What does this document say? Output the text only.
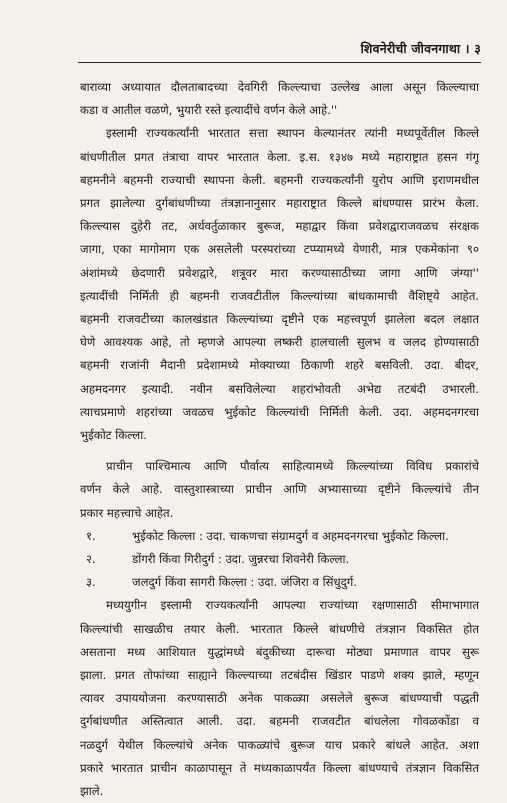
शिवनेरीची जीवनगाथा । ३
बाराव्या अध्यायात दौलताबादच्या देवगिरी किल्ल्याचा उल्लेख आला असून किल्ल्याचा
कडा व आतील वळणे, भुयारी रस्ते इत्यादींचे वर्णन केले आहे.''
इस्लामी राज्यकर्त्यांनी भारतात सत्ता स्थापन केल्यानंतर त्यांनी मध्यपूर्वेतील किल्ले
बांधणीतील प्रगत तंत्राचा वापर भारतात केला. इ.स. १३४७ मध्ये महाराष्ट्रात हसन गंगू
बहमनीने बहमनी राज्याची स्थापना केली. बहमनी राज्यकर्त्यांनी युरोप आणि इराणमधील
प्रगत झालेल्या दुर्गबांधणीच्या तंत्रज्ञानानुसार महाराष्ट्रात किल्ले बांधण्यास प्रारंभ केला.
किल्ल्यास दुहेरी तट, अर्धवर्तुळाकार बुरूज, महाद्वार किंवा प्रवेशद्वाराजवळच संरक्षक
जागा, एका मागोमाग एक असलेली परस्परांच्या टप्प्यामध्ये येणारी, मात्र एकमेकांना ९०
अंशांमध्ये छेदणारी प्रवेशद्वारे, शत्रूवर मारा करण्यासाठीच्या जागा आणि जंग्या''
इत्यादींची निर्मिती ही बहमनी राजवटीतील किल्ल्यांच्या बांधकामाची वैशिष्ट्ये आहेत.
बहमनी राजवटीच्या कालखंडात किल्ल्यांच्या दृष्टीने एक महत्त्वपूर्ण झालेला बदल लक्षात
घेणे आवश्यक आहे, तो म्हणजे आपल्या लष्करी हालचाली सुलभ व जलद होण्यासाठी
बहमनी राजांनी मैदानी प्रदेशामध्ये मोक्याच्या ठिकाणी शहरे बसविली. उदा. बीदर,
अहमदनगर इत्यादी. नवीन बसविलेल्या शहरांभोवती अभेद्य तटबंदी उभारली.
त्याचप्रमाणे शहरांच्या जवळच भुईकोट किल्ल्यांची निर्मिती केली. उदा. अहमदनगरचा
भुईकोट किल्ला.
प्राचीन पाश्चिमात्य आणि पौर्वात्य साहित्यामध्ये किल्ल्यांच्या विविध प्रकारांचे
वर्णन केले आहे. वास्तुशास्त्राच्या प्राचीन आणि अभ्यासाच्या दृष्टीने किल्ल्यांचे तीन
प्रकार महत्त्वाचे आहेत.
१.	भुईकोट किल्ला : उदा. चाकणचा संग्रामदुर्ग व अहमदनगरचा भुईकोट किल्ला.
२.	डोंगरी किंवा गिरीदुर्ग : उदा. जुन्नरचा शिवनेरी किल्ला.
३.	जलदुर्ग किंवा सागरी किल्ला : उदा. जंजिरा व सिंधुदुर्ग.
मध्ययुगीन इस्लामी राज्यकर्त्यांनी आपल्या राज्यांच्या रक्षणासाठी सीमाभागात
किल्ल्यांची साखळीच तयार केली. भारतात किल्ले बांधणीचे तंत्रज्ञान विकसित होत
असताना मध्य आशियात युद्धांमध्ये बंदुकीच्या दारूचा मोठ्या प्रमाणात वापर सुरू
झाला. प्रगत तोफांच्या साह्याने किल्ल्याच्या तटबंदीस खिंडार पाडणे शक्य झाले, म्हणून
त्यावर उपाययोजना करण्यासाठी अनेक पाकळ्या असलेले बुरूज बांधण्याची पद्धती
दुर्गबांधणीत अस्तित्वात आली. उदा. बहमनी राजवटीत बांधलेला गोवळकोंडा व
नळदुर्ग येथील किल्ल्यांचे अनेक पाकळ्यांचे बुरूज याच प्रकारे बांधले आहेत. अशा
प्रकारे भारतात प्राचीन काळापासून ते मध्यकाळापर्यंत किल्ला बांधण्याचे तंत्रज्ञान विकसित
झाले.
